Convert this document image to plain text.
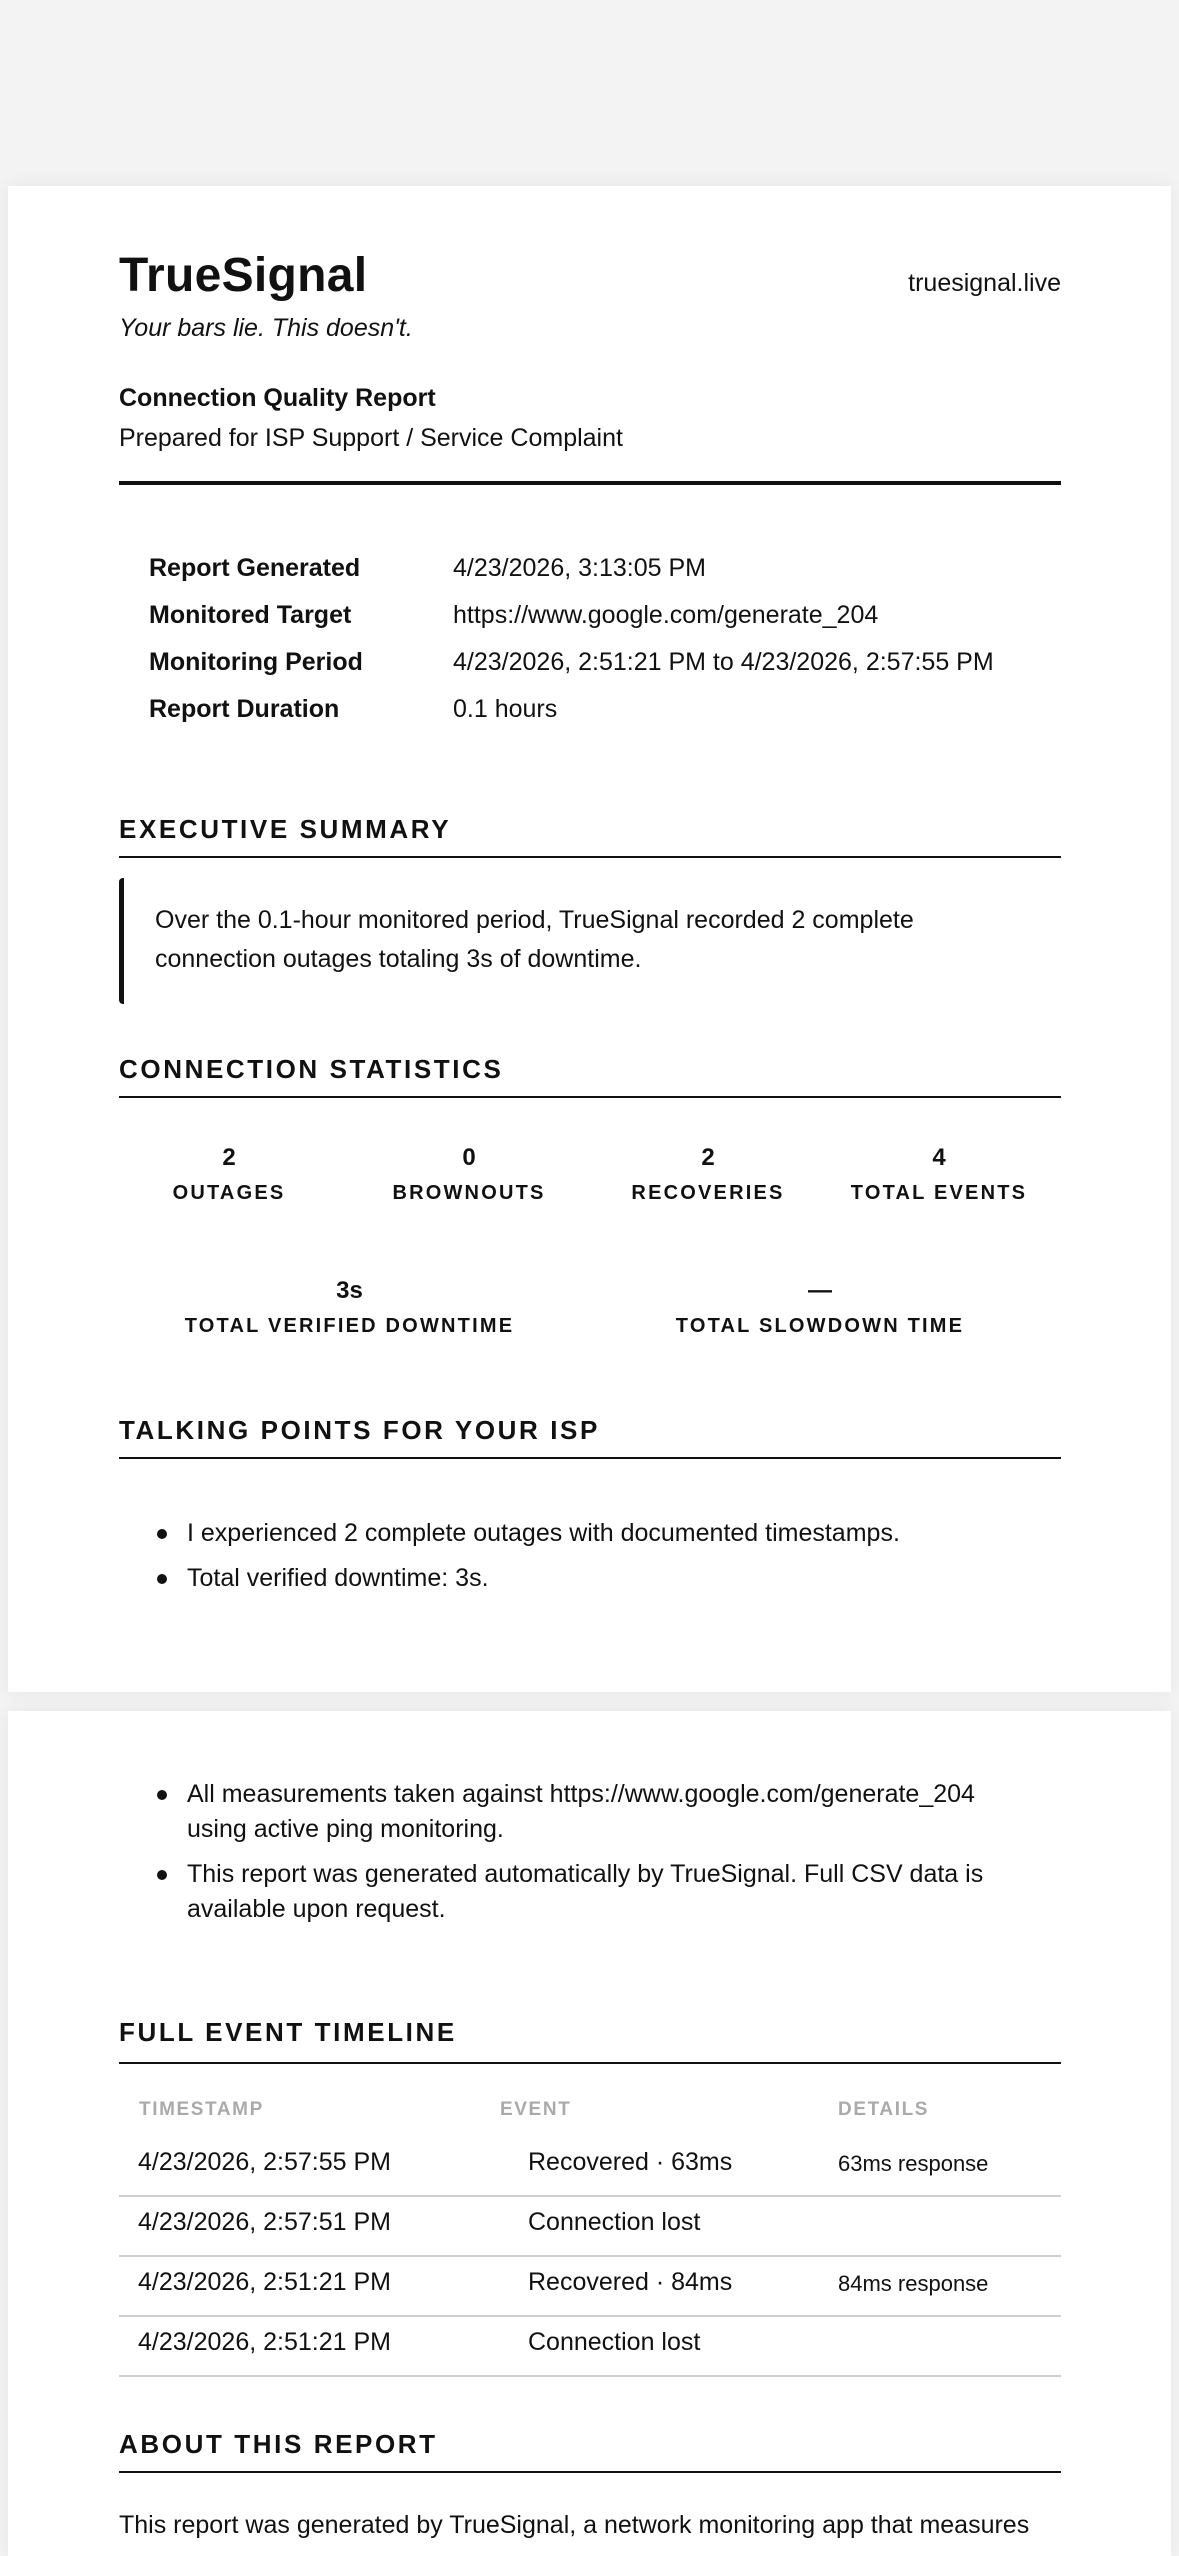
TrueSignal	truesignal.live
Your bars lie. This doesn't.
Connection Quality Report
Prepared for ISP Support / Service Complaint
Report Generated	4/23/2026, 3:13:05 PM
Monitored Target	https://www.google.com/generate_204
Monitoring Period	4/23/2026, 2:51:21 PM to 4/23/2026, 2:57:55 PM
Report Duration	0.1 hours
EXECUTIVE SUMMARY

Over the 0.1-hour monitored period, TrueSignal recorded 2 complete connection outages totaling 3s of downtime.

CONNECTION STATISTICS
2
OUTAGES
0
BROWNOUTS
2
RECOVERIES
4
TOTAL EVENTS
3s
TOTAL VERIFIED DOWNTIME
—
TOTAL SLOWDOWN TIME
TALKING POINTS FOR YOUR ISP
I experienced 2 complete outages with documented timestamps.
Total verified downtime: 3s.
All measurements taken against https://www.google.com/generate_204 using active ping monitoring.
This report was generated automatically by TrueSignal. Full CSV data is available upon request.
FULL EVENT TIMELINE
TIMESTAMP	EVENT	DETAILS
4/23/2026, 2:57:55 PM	Recovered · 63ms	63ms response
4/23/2026, 2:57:51 PM	Connection lost
4/23/2026, 2:51:21 PM	Recovered · 84ms	84ms response
4/23/2026, 2:51:21 PM	Connection lost
ABOUT THIS REPORT
This report was generated by TrueSignal, a network monitoring app that measures
